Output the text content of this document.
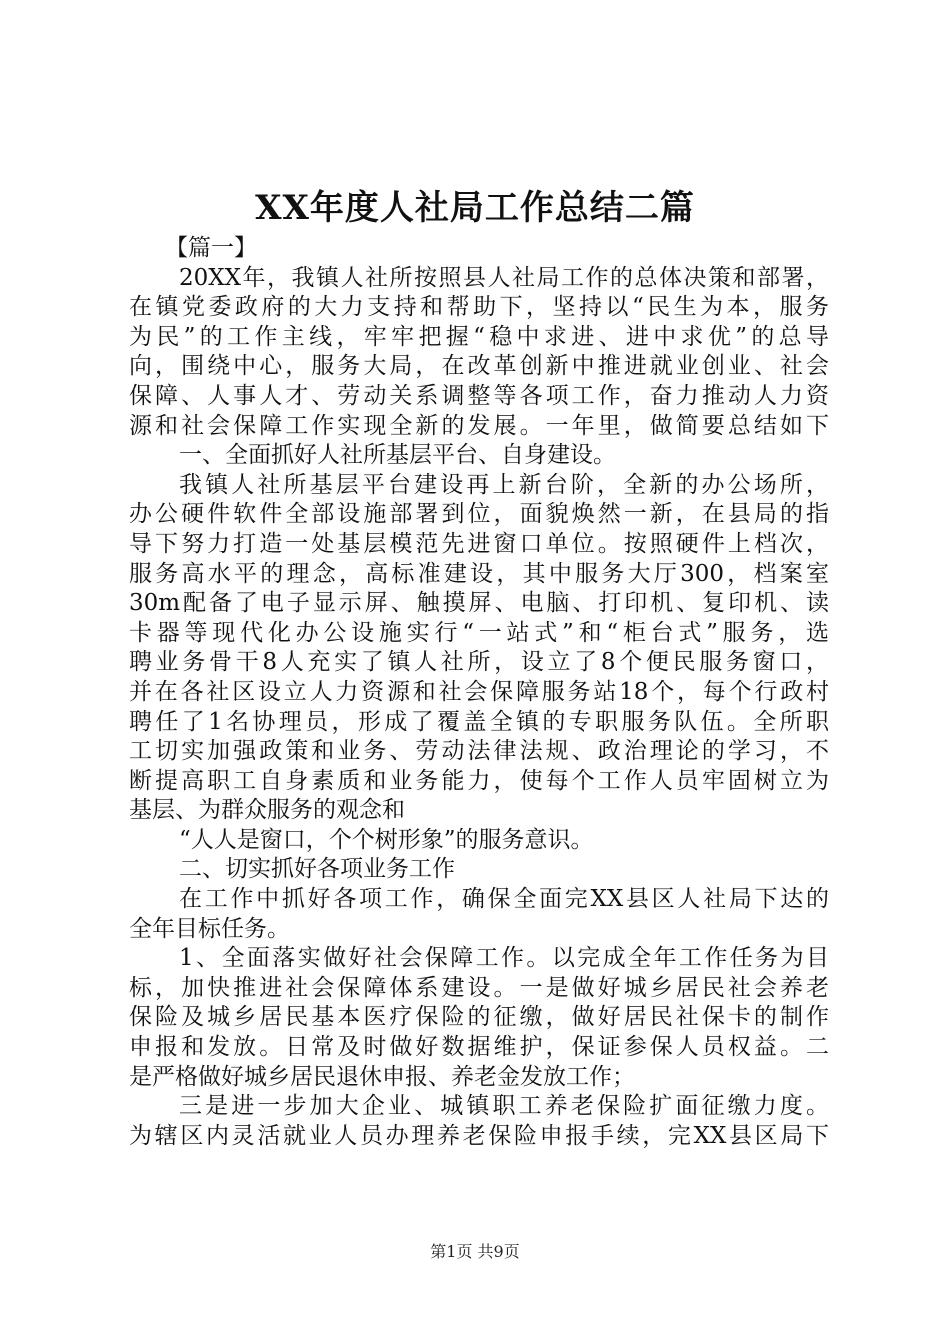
XX年度人社局工作总结二篇
【篇一】
20XX年，我镇人社所按照县人社局工作的总体决策和部署，
在镇党委政府的大力支持和帮助下，坚持以“民生为本，服务
为民”的工作主线，牢牢把握“稳中求进、进中求优”的总导
向，围绕中心，服务大局，在改革创新中推进就业创业、社会
保障、人事人才、劳动关系调整等各项工作，奋力推动人力资
源和社会保障工作实现全新的发展。一年里，做简要总结如下
一、全面抓好人社所基层平台、自身建设。
我镇人社所基层平台建设再上新台阶，全新的办公场所，
办公硬件软件全部设施部署到位，面貌焕然一新，在县局的指
导下努力打造一处基层模范先进窗口单位。按照硬件上档次，
服务高水平的理念，高标准建设，其中服务大厅300，档案室
30m配备了电子显示屏、触摸屏、电脑、打印机、复印机、读
卡器等现代化办公设施实行“一站式”和“柜台式”服务，选
聘业务骨干8人充实了镇人社所，设立了8个便民服务窗口，
并在各社区设立人力资源和社会保障服务站18个，每个行政村
聘任了1名协理员，形成了覆盖全镇的专职服务队伍。全所职
工切实加强政策和业务、劳动法律法规、政治理论的学习，不
断提高职工自身素质和业务能力，使每个工作人员牢固树立为
基层、为群众服务的观念和
“人人是窗口，个个树形象”的服务意识。
二、切实抓好各项业务工作
在工作中抓好各项工作，确保全面完XX县区人社局下达的
全年目标任务。
1、全面落实做好社会保障工作。以完成全年工作任务为目
标，加快推进社会保障体系建设。一是做好城乡居民社会养老
保险及城乡居民基本医疗保险的征缴，做好居民社保卡的制作
申报和发放。日常及时做好数据维护，保证参保人员权益。二
是严格做好城乡居民退休申报、养老金发放工作；
三是进一步加大企业、城镇职工养老保险扩面征缴力度。
为辖区内灵活就业人员办理养老保险申报手续，完XX县区局下
第1页 共9页
